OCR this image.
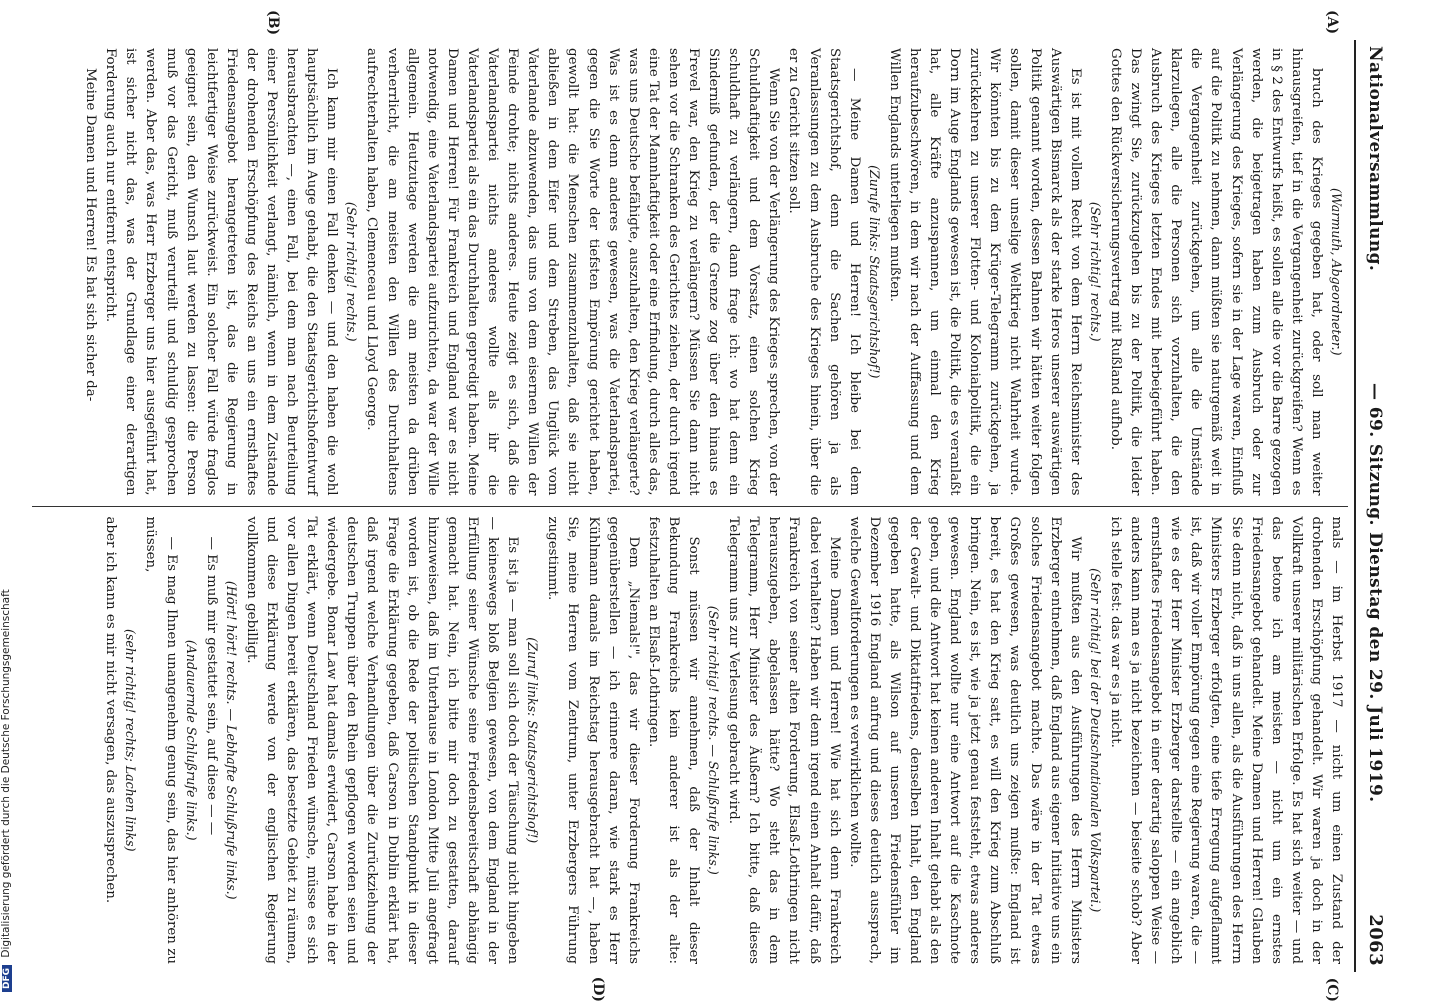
Nationalversammlung.
— 69. Sitzung. Dienstag den 29. Juli 1919.
2063
(A)
(B)

(Warmuth, Abgeordneter.)

bruch des Krieges gegeben hat, oder soll man weiter hinausgreifen, tief in die Vergangenheit zurückgreifen? Wenn es in § 2 des Entwurfs heißt, es sollen alle die vor die Barre gezogen werden, die beigetragen haben zum Ausbruch oder zur Verlängerung des Krieges, sofern sie in der Lage waren, Einfluß auf die Politik zu nehmen, dann müßten sie naturgemäß weit in die Vergangenheit zurückgehen, um alle die Umstände klarzulegen, alle die Personen sich vorzuhalten, die den Ausbruch des Krieges letzten Endes mit herbeigeführt haben. Das zwingt Sie, zurückzugehen bis zu der Politik, die leider Gottes den Rückversicherungsvertrag mit Rußland aufhob.

(Sehr richtig! rechts.)

Es ist mit vollem Recht von dem Herrn Reichsminister des Auswärtigen Bismarck als der starke Heros unserer auswärtigen Politik genannt worden, dessen Bahnen wir hätten weiter folgen sollen, damit dieser unselige Weltkrieg nicht Wahrheit wurde. Wir könnten bis zu dem Krüger-Telegramm zurückgehen, ja zurückkehren zu unserer Flotten- und Kolonialpolitik, die ein Dorn im Auge Englands gewesen ist, die Politik, die es veranlaßt hat, alle Kräfte anzuspannen, um einmal den Krieg heraufzubeschwören, in dem wir nach der Auffassung und dem Willen Englands unterliegen mußten.

(Zurufe links: Staatsgerichtshof!)

— Meine Damen und Herren! Ich bleibe bei dem Staatsgerichtshof, denn die Sachen gehören ja als Veranlassungen zu dem Ausbruche des Krieges hinein, über die er zu Gericht sitzen soll.

Wenn Sie von der Verlängerung des Krieges sprechen, von der Schuldhaftigkeit und dem Vorsatz, einen solchen Krieg schuldhaft zu verlängern, dann frage ich: wo hat denn ein Sinderniß gefunden, der die Grenze zog über den hinaus es Frevel war, den Krieg zu verlängern? Müssen Sie dann nicht sehen vor die Schranken des Gerichtes ziehen, der durch irgend eine Tat der Mannhaftigkeit oder eine Erfindung, durch alles das, was uns Deutsche befähigte, auszuhalten, den Krieg verlängerte? Was ist es denn anderes gewesen, was die Vaterlandspartei, gegen die Sie Worte der tiefsten Empörung gerichtet haben, gewollt hat: die Menschen zusammenzuhalten, daß sie nicht abließen in dem Eifer und dem Streben, das Unglück vom Vaterlande abzuwenden, das uns von dem eisernen Willen der Feinde drohte; nichts anderes. Heute zeigt es sich, daß die Vaterlandspartei nichts anderes wollte als ihr die Vaterlandspartei als ein das Durchhalten gepredigt haben. Meine Damen und Herren! Für Frankreich und England war es nicht notwendig, eine Vaterlandspartei aufzurichten, da war der Wille allgemein. Heutzutage werden die am meisten da drüben verherrlicht, die am meisten den Willen des Durchhaltens aufrechterhalten haben, Clemenceau und Lloyd George.

(Sehr richtig! rechts.)

Ich kann mir einen Fall denken — und den haben die wohl hauptsächlich im Auge gehabt, die den Staatsgerichtshofentwurf herausbrachten —, einen Fall, bei dem man nach Beurteilung einer Persönlichkeit verlangt, nämlich, wenn in dem Zustande der drohenden Erschöpfung des Reichs an uns ein ernsthaftes Friedensangebot herangetreten ist, das die Regierung in leichtfertiger Weise zurückweist. Ein solcher Fall würde fraglos geeignet sein, den Wunsch laut werden zu lassen: die Person muß vor das Gericht, muß verurteilt und schuldig gesprochen werden. Aber das, was Herr Erzberger uns hier ausgeführt hat, ist sicher nicht das, was der Grundlage einer derartigen Forderung auch nur entfernt entspricht.

Meine Damen und Herren! Es hat sich sicher da-

(C)
(D)

mals — im Herbst 1917 — nicht um einen Zustand der drohenden Erschöpfung gehandelt. Wir waren ja doch in der Vollkraft unserer militärischen Erfolge. Es hat sich weiter — und das betone ich am meisten — nicht um ein ernstes Friedensangebot gehandelt. Meine Damen und Herren! Glauben Sie denn nicht, daß in uns allen, als die Ausführungen des Herrn Ministers Erzberger erfolgten, eine tiefe Erregung aufgeflammt ist, daß wir voller Empörung gegen eine Regierung waren, die — wie es der Herr Minister Erzberger darstellte — ein angeblich ernsthaftes Friedensangebot in einer derartig saloppen Weise — anders kann man es ja nicht bezeichnen — beiseite schob? Aber ich stelle fest: das war es ja nicht.

(Sehr richtig! bei der Deutschnationalen Volkspartei.)

Wir mußten aus den Ausführungen des Herrn Ministers Erzberger entnehmen, daß England aus eigener Initiative uns ein solches Friedensangebot machte. Das wäre in der Tat etwas Großes gewesen, was deutlich uns zeigen mußte: England ist bereit, es hat den Krieg satt, es will den Krieg zum Abschluß bringen. Nein, es ist, wie ja jetzt genau feststeht, etwas anderes gewesen. England wollte nur eine Antwort auf die Kaschnote geben, und die Antwort hat keinen anderen Inhalt gehabt als den der Gewalt- und Diktatfriedens, denselben Inhalt, den England gegeben hatte, als Wilson auf unseren Friedensfühler im Dezember 1916 England anfrug und dieses deutlich aussprach, welche Gewaltforderungen es verwirklichen wollte.

Meine Damen und Herren! Wie hat sich denn Frankreich dabei verhalten? Haben wir denn irgend einen Anhalt dafür, daß Frankreich von seiner alten Forderung, Elsaß-Lothringen nicht herauszugeben, abgelassen hätte? Wo steht das in dem Telegramm, Herr Minister des Äußern? Ich bitte, daß dieses Telegramm uns zur Verlesung gebracht wird.

(Sehr richtig! rechts. — Schlußrufe links.)

Sonst müssen wir annehmen, daß der Inhalt dieser Bekundung Frankreichs kein anderer ist als der alte: festzuhalten an Elsaß-Lothringen.

Dem „Niemals!", das wir dieser Forderung Frankreichs gegenüberstellen — ich erinnere daran, wie stark es Herr Kühlmann damals im Reichstag herausgebracht hat —, haben Sie, meine Herren vom Zentrum, unter Erzbergers Führung zugestimmt.

(Zuruf links: Staatsgerichtshof!)

Es ist ja — man soll sich doch der Täuschung nicht hingeben — keineswegs bloß Belgien gewesen, von dem England in der Erfüllung seiner Wünsche seine Friedensbereitschaft abhängig gemacht hat. Nein, ich bitte mir doch zu gestatten, darauf hinzuweisen, daß im Unterhause in London Mitte Juli angefragt worden ist, ob die Rede der politischen Standpunkt in dieser Frage die Erklärung gegeben, daß Carson in Dublin erklärt hat, daß irgend welche Verhandlungen über die Zurückziehung der deutschen Truppen über den Rhein gepflogen worden seien und wiedergebe. Bonar Law hat damals erwidert, Carson habe in der Tat erklärt, wenn Deutschland Frieden wünsche, müsse es sich vor allen Dingen bereit erklären, das besetzte Gebiet zu räumen, und diese Erklärung werde von der englischen Regierung vollkommen gebilligt.

(Hört! hört! rechts. — Lebhafte Schlußrufe links.)

— Es muß mir gestattet sein, auf diese — —

(Andauernde Schlußrufe links.)

— Es mag Ihnen unangenehm genug sein, das hier anhören zu müssen,

(sehr richtig! rechts; Lachen links)

aber ich kann es mir nicht versagen, das auszusprechen.

DFG Digitalisierung gefördert durch die Deutsche Forschungsgemeinschaft
